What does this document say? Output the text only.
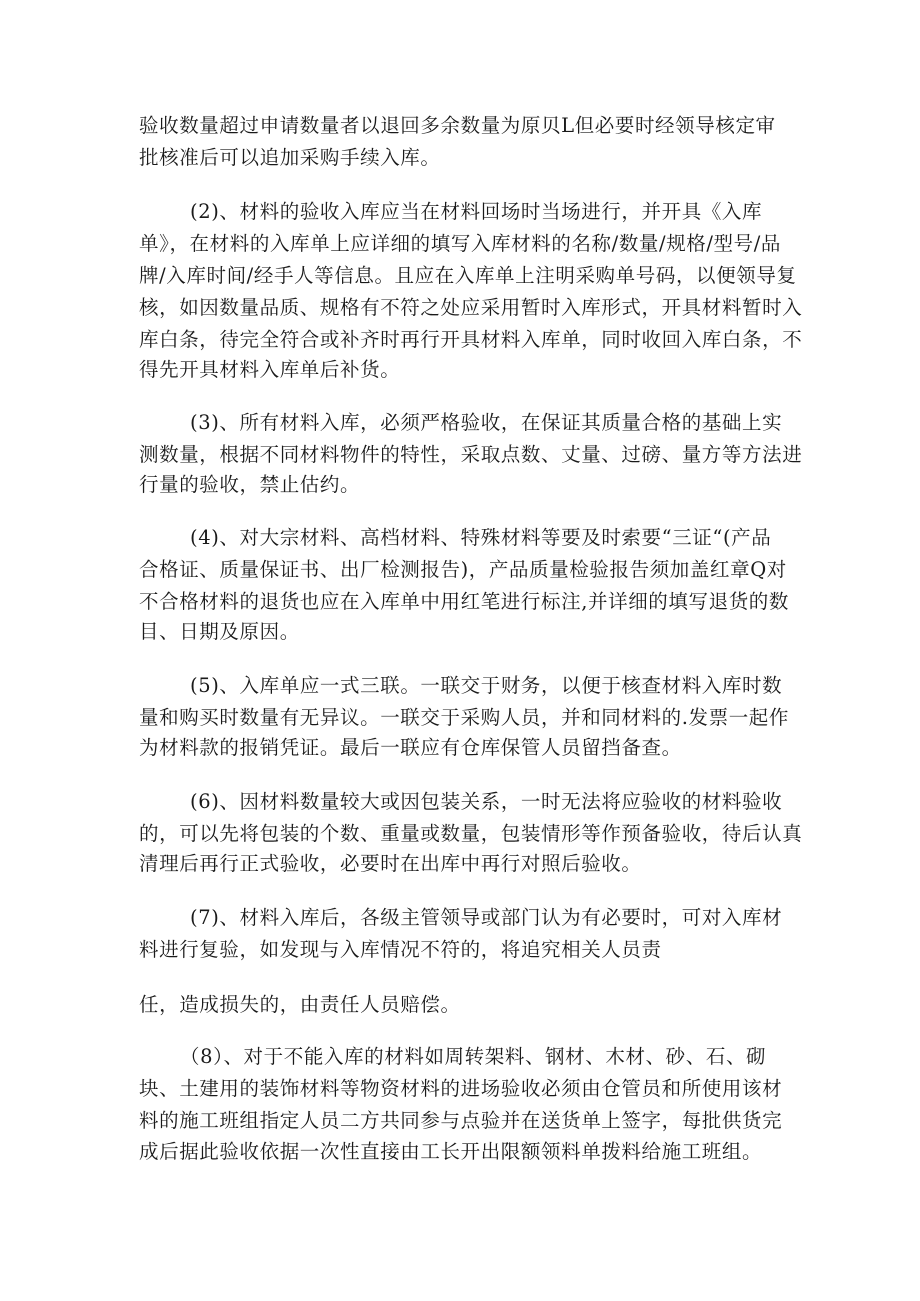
验收数量超过申请数量者以退回多余数量为原贝L但必要时经领导核定审
批核准后可以追加采购手续入库。
(2)、材料的验收入库应当在材料回场时当场进行，并开具《入库
单》，在材料的入库单上应详细的填写入库材料的名称/数量/规格/型号/品
牌/入库时间/经手人等信息。且应在入库单上注明采购单号码，以便领导复
核，如因数量品质、规格有不符之处应采用暂时入库形式，开具材料暂时入
库白条，待完全符合或补齐时再行开具材料入库单，同时收回入库白条，不
得先开具材料入库单后补货。
(3)、所有材料入库，必须严格验收，在保证其质量合格的基础上实
测数量，根据不同材料物件的特性，采取点数、丈量、过磅、量方等方法进
行量的验收，禁止估约。
(4)、对大宗材料、高档材料、特殊材料等要及时索要“三证“(产品
合格证、质量保证书、出厂检测报告)，产品质量检验报告须加盖红章Q对
不合格材料的退货也应在入库单中用红笔进行标注,并详细的填写退货的数
目、日期及原因。
(5)、入库单应一式三联。一联交于财务，以便于核查材料入库时数
量和购买时数量有无异议。一联交于采购人员，并和同材料的.发票一起作
为材料款的报销凭证。最后一联应有仓库保管人员留挡备查。
(6)、因材料数量较大或因包装关系，一时无法将应验收的材料验收
的，可以先将包装的个数、重量或数量，包装情形等作预备验收，待后认真
清理后再行正式验收，必要时在出库中再行对照后验收。
(7)、材料入库后，各级主管领导或部门认为有必要时，可对入库材
料进行复验，如发现与入库情况不符的，将追究相关人员责
任，造成损失的，由责任人员赔偿。
（8）、对于不能入库的材料如周转架料、钢材、木材、砂、石、砌
块、土建用的装饰材料等物资材料的进场验收必须由仓管员和所使用该材
料的施工班组指定人员二方共同参与点验并在送货单上签字，每批供货完
成后据此验收依据一次性直接由工长开出限额领料单拨料给施工班组。
